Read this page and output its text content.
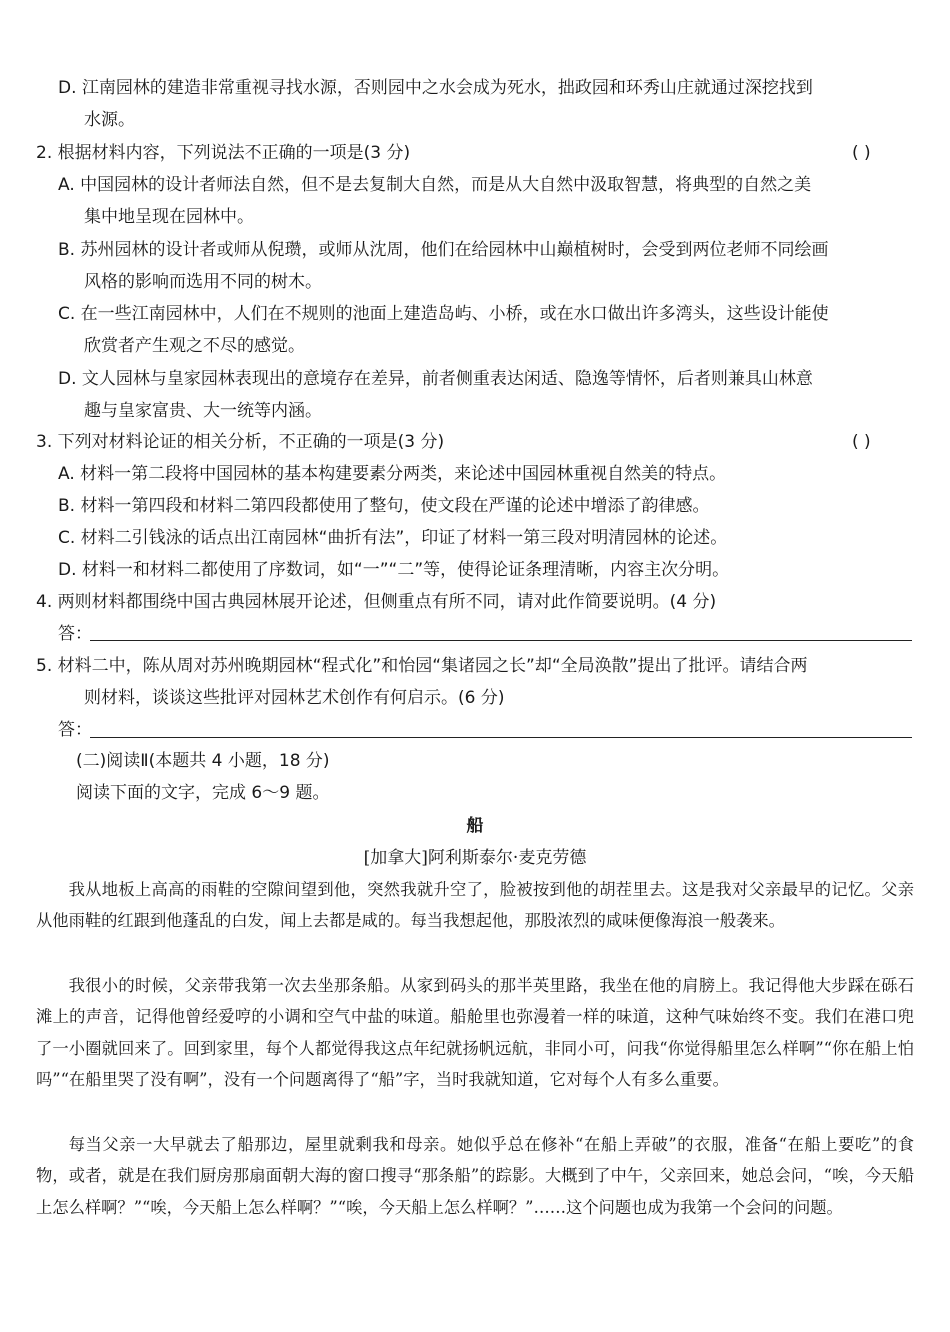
D. 江南园林的建造非常重视寻找水源，否则园中之水会成为死水，拙政园和环秀山庄就通过深挖找到
水源。
2. 根据材料内容，下列说法不正确的一项是(3 分)	( )
A. 中国园林的设计者师法自然，但不是去复制大自然，而是从大自然中汲取智慧，将典型的自然之美
集中地呈现在园林中。
B. 苏州园林的设计者或师从倪瓒，或师从沈周，他们在给园林中山巅植树时，会受到两位老师不同绘画
风格的影响而选用不同的树木。
C. 在一些江南园林中，人们在不规则的池面上建造岛屿、小桥，或在水口做出许多湾头，这些设计能使
欣赏者产生观之不尽的感觉。
D. 文人园林与皇家园林表现出的意境存在差异，前者侧重表达闲适、隐逸等情怀，后者则兼具山林意
趣与皇家富贵、大一统等内涵。
3. 下列对材料论证的相关分析，不正确的一项是(3 分)	( )
A. 材料一第二段将中国园林的基本构建要素分两类，来论述中国园林重视自然美的特点。
B. 材料一第四段和材料二第四段都使用了整句，使文段在严谨的论述中增添了韵律感。
C. 材料二引钱泳的话点出江南园林“曲折有法”，印证了材料一第三段对明清园林的论述。
D. 材料一和材料二都使用了序数词，如“一”“二”等，使得论证条理清晰，内容主次分明。
4. 两则材料都围绕中国古典园林展开论述，但侧重点有所不同，请对此作简要说明。(4 分)
答：
5. 材料二中，陈从周对苏州晚期园林“程式化”和怡园“集诸园之长”却“全局涣散”提出了批评。请结合两
则材料，谈谈这些批评对园林艺术创作有何启示。(6 分)
答：
(二)阅读Ⅱ(本题共 4 小题，18 分)
阅读下面的文字，完成 6～9 题。
船
[加拿大]阿利斯泰尔·麦克劳德
我从地板上高高的雨鞋的空隙间望到他，突然我就升空了，脸被按到他的胡茬里去。这是我对父亲最早的记忆。父亲从他雨鞋的红跟到他蓬乱的白发，闻上去都是咸的。每当我想起他，那股浓烈的咸味便像海浪一般袭来。
我很小的时候，父亲带我第一次去坐那条船。从家到码头的那半英里路，我坐在他的肩膀上。我记得他大步踩在砾石滩上的声音，记得他曾经爱哼的小调和空气中盐的味道。船舱里也弥漫着一样的味道，这种气味始终不变。我们在港口兜了一小圈就回来了。回到家里，每个人都觉得我这点年纪就扬帆远航，非同小可，问我“你觉得船里怎么样啊”“你在船上怕吗”“在船里哭了没有啊”，没有一个问题离得了“船”字，当时我就知道，它对每个人有多么重要。
每当父亲一大早就去了船那边，屋里就剩我和母亲。她似乎总在修补“在船上弄破”的衣服，准备“在船上要吃”的食物，或者，就是在我们厨房那扇面朝大海的窗口搜寻“那条船”的踪影。大概到了中午，父亲回来，她总会问，“唉，今天船上怎么样啊？”“唉，今天船上怎么样啊？”“唉，今天船上怎么样啊？”……这个问题也成为我第一个会问的问题。
